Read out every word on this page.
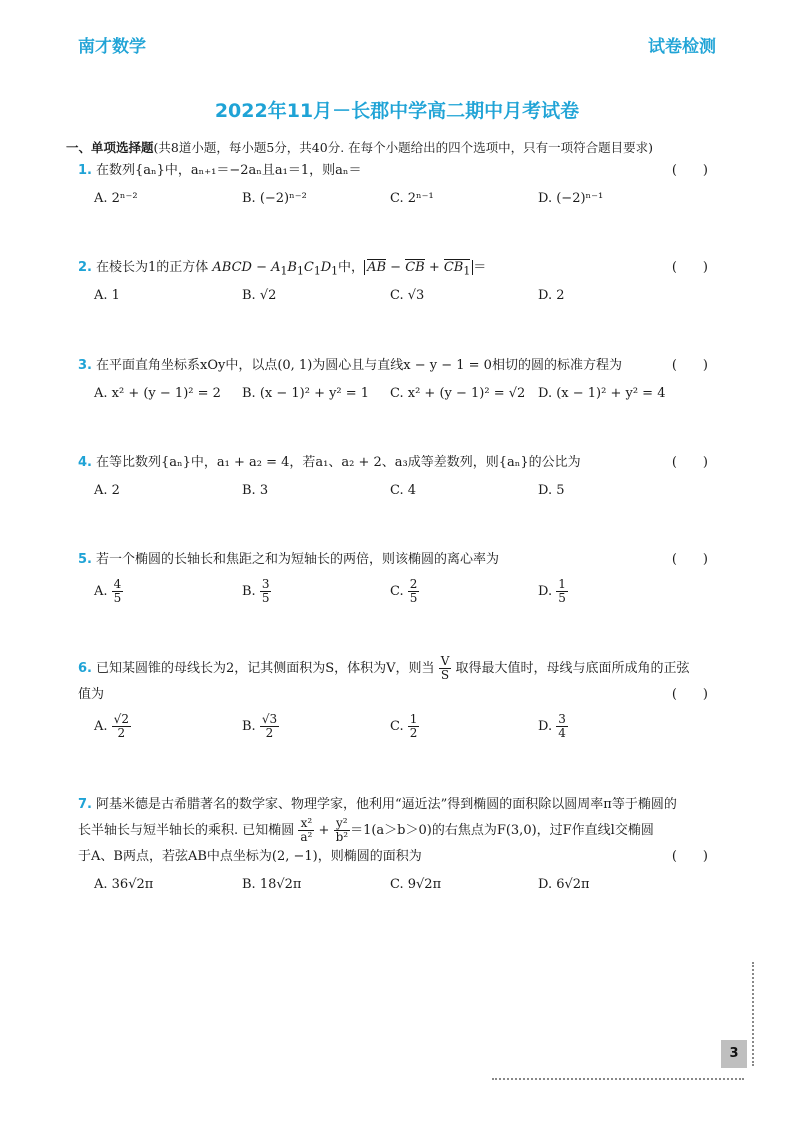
南才数学	试卷检测
2022年11月－长郡中学高二期中月考试卷
一、单项选择题(共8道小题，每小题5分，共40分. 在每个小题给出的四个选项中，只有一项符合题目要求)
1. 在数列{aₙ}中，aₙ₊₁＝−2aₙ且a₁＝1，则aₙ＝	(　　)
A. 2ⁿ⁻²	B. (−2)ⁿ⁻²	C. 2ⁿ⁻¹	D. (−2)ⁿ⁻¹
2. 在棱长为1的正方体 ABCD − $A_1B_1C_1D_1$中， AB − CB + $CB_1$ ＝	(　　)
A. 1	B. √2	C. √3	D. 2
3. 在平面直角坐标系xOy中，以点(0, 1)为圆心且与直线x − y − 1 = 0相切的圆的标准方程为	(　　)
A. x² + (y − 1)² = 2 B. (x − 1)² + y² = 1 C. x² + (y − 1)² = √2 D. (x − 1)² + y² = 4
4. 在等比数列{aₙ}中，a₁ + a₂ = 4，若a₁、a₂ + 2、a₃成等差数列，则{aₙ}的公比为	(　　)
A. 2	B. 3	C. 4	D. 5
5. 若一个椭圆的长轴长和焦距之和为短轴长的两倍，则该椭圆的离心率为	(　　)
A. $\frac{4}{5}$	B. $\frac{3}{5}$	C. $\frac{2}{5}$	D. $\frac{1}{5}$
6. 已知某圆锥的母线长为2，记其侧面积为S，体积为V，则当 $\frac{V}{S}$ 取得最大值时，母线与底面所成角的正弦
值为	(　　)
A. $\frac{√2}{2}$	B. $\frac{√3}{2}$	C. $\frac{1}{2}$	D. $\frac{3}{4}$
7. 阿基米德是古希腊著名的数学家、物理学家，他利用“逼近法”得到椭圆的面积除以圆周率π等于椭圆的
长半轴长与短半轴长的乘积. 已知椭圆 $\frac{\text{x²}}{\text{a²}} + \frac{\text{y²}}{\text{b²}} =1(a>b>0)$的右焦点为F(3,0)，过F作直线l交椭圆
于A、B两点，若弦AB中点坐标为(2, −1)，则椭圆的面积为	(　　)
A. 36√2π	B. 18√2π	C. 9√2π	D. 6√2π
3
